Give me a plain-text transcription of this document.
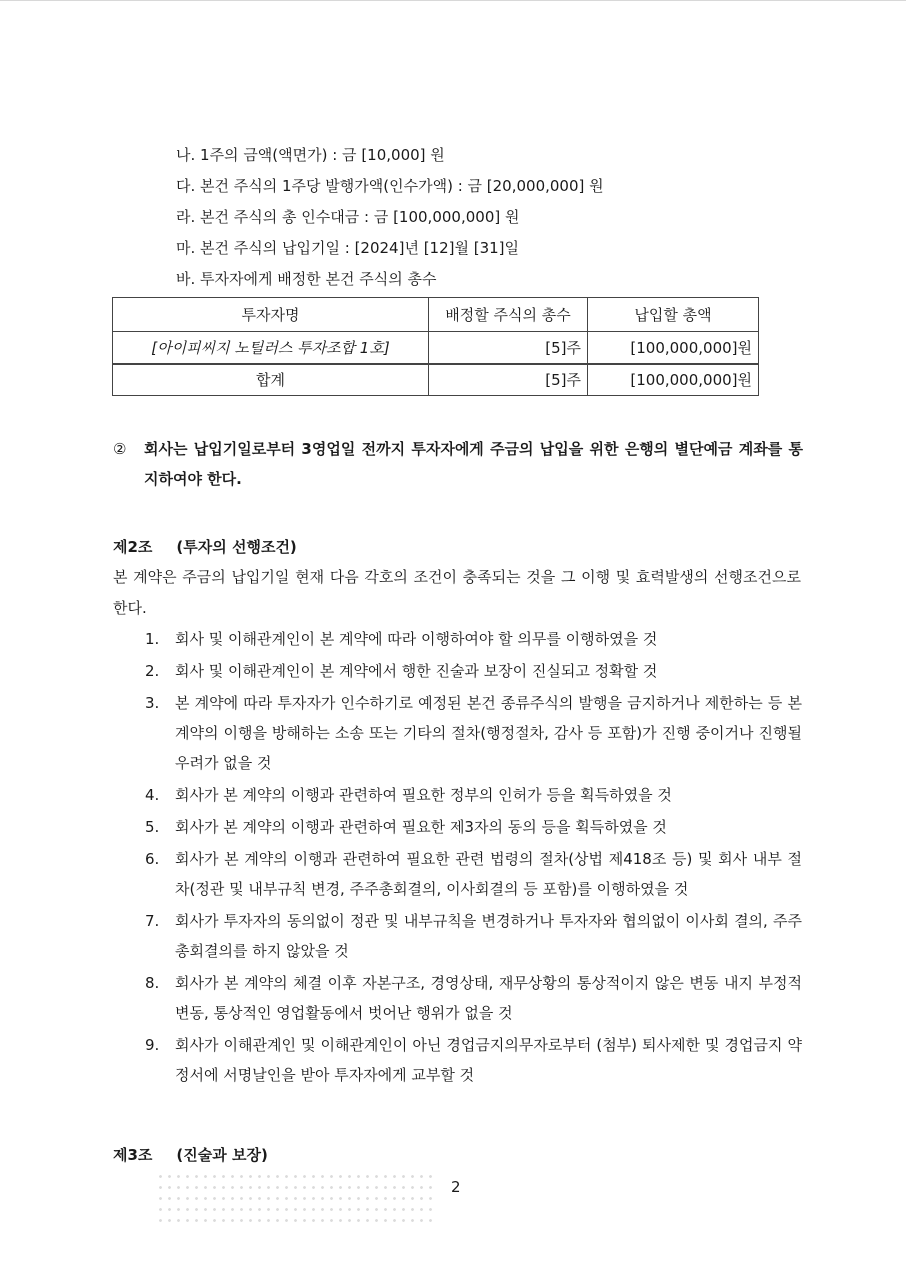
나. 1주의 금액(액면가) : 금 [10,000] 원
다. 본건 주식의 1주당 발행가액(인수가액) : 금 [20,000,000] 원
라. 본건 주식의 총 인수대금 : 금 [100,000,000] 원
마. 본건 주식의 납입기일 : [2024]년 [12]월 [31]일
바. 투자자에게 배정한 본건 주식의 총수
투자자명	배정할 주식의 총수	납입할 총액
[아이피씨지 노틸러스 투자조합 1호]	[5]주	[100,000,000]원
합계	[5]주	[100,000,000]원
② 회사는 납입기일로부터 3영업일 전까지 투자자에게 주금의 납입을 위한 은행의 별단예금 계좌를 통지하여야 한다.
제2조 (투자의 선행조건)
본 계약은 주금의 납입기일 현재 다음 각호의 조건이 충족되는 것을 그 이행 및 효력발생의 선행조건으로 한다.
1. 회사 및 이해관계인이 본 계약에 따라 이행하여야 할 의무를 이행하였을 것
2. 회사 및 이해관계인이 본 계약에서 행한 진술과 보장이 진실되고 정확할 것
3. 본 계약에 따라 투자자가 인수하기로 예정된 본건 종류주식의 발행을 금지하거나 제한하는 등 본 계약의 이행을 방해하는 소송 또는 기타의 절차(행정절차, 감사 등 포함)가 진행 중이거나 진행될 우려가 없을 것
4. 회사가 본 계약의 이행과 관련하여 필요한 정부의 인허가 등을 획득하였을 것
5. 회사가 본 계약의 이행과 관련하여 필요한 제3자의 동의 등을 획득하였을 것
6. 회사가 본 계약의 이행과 관련하여 필요한 관련 법령의 절차(상법 제418조 등) 및 회사 내부 절차(정관 및 내부규칙 변경, 주주총회결의, 이사회결의 등 포함)를 이행하였을 것
7. 회사가 투자자의 동의없이 정관 및 내부규칙을 변경하거나 투자자와 협의없이 이사회 결의, 주주총회결의를 하지 않았을 것
8. 회사가 본 계약의 체결 이후 자본구조, 경영상태, 재무상황의 통상적이지 않은 변동 내지 부정적 변동, 통상적인 영업활동에서 벗어난 행위가 없을 것
9. 회사가 이해관계인 및 이해관계인이 아닌 경업금지의무자로부터 (첨부) 퇴사제한 및 경업금지 약정서에 서명날인을 받아 투자자에게 교부할 것
제3조 (진술과 보장)
2
